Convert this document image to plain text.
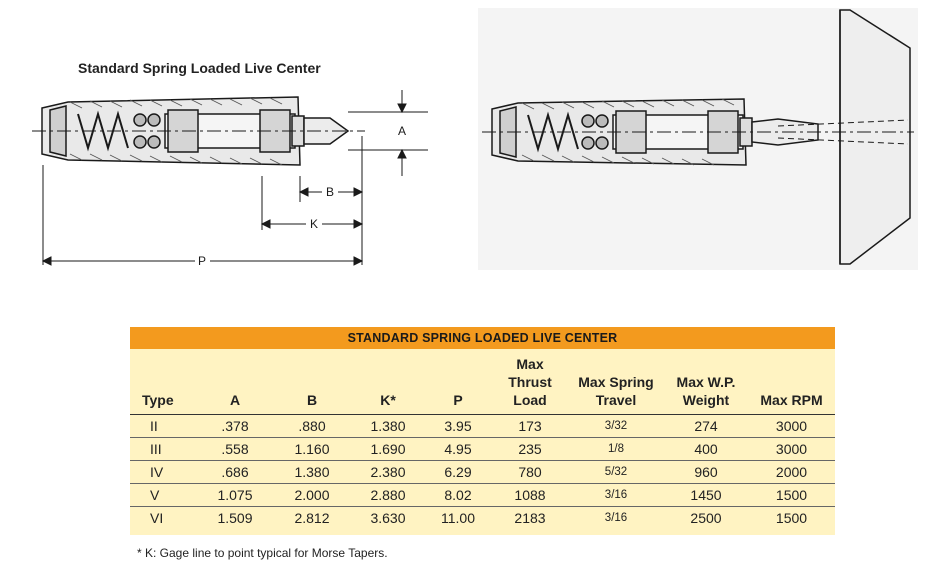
Standard Spring Loaded Live Center
A
B
K
P
STANDARD SPRING LOADED LIVE CENTER
Type	A	B	K*	P	Max Thrust Load	Max Spring Travel	Max W.P. Weight	Max RPM
II	.378	.880	1.380	3.95	173	3/32	274	3000
III	.558	1.160	1.690	4.95	235	1/8	400	3000
IV	.686	1.380	2.380	6.29	780	5/32	960	2000
V	1.075	2.000	2.880	8.02	1088	3/16	1450	1500
VI	1.509	2.812	3.630	11.00	2183	3/16	2500	1500
* K: Gage line to point typical for Morse Tapers.
